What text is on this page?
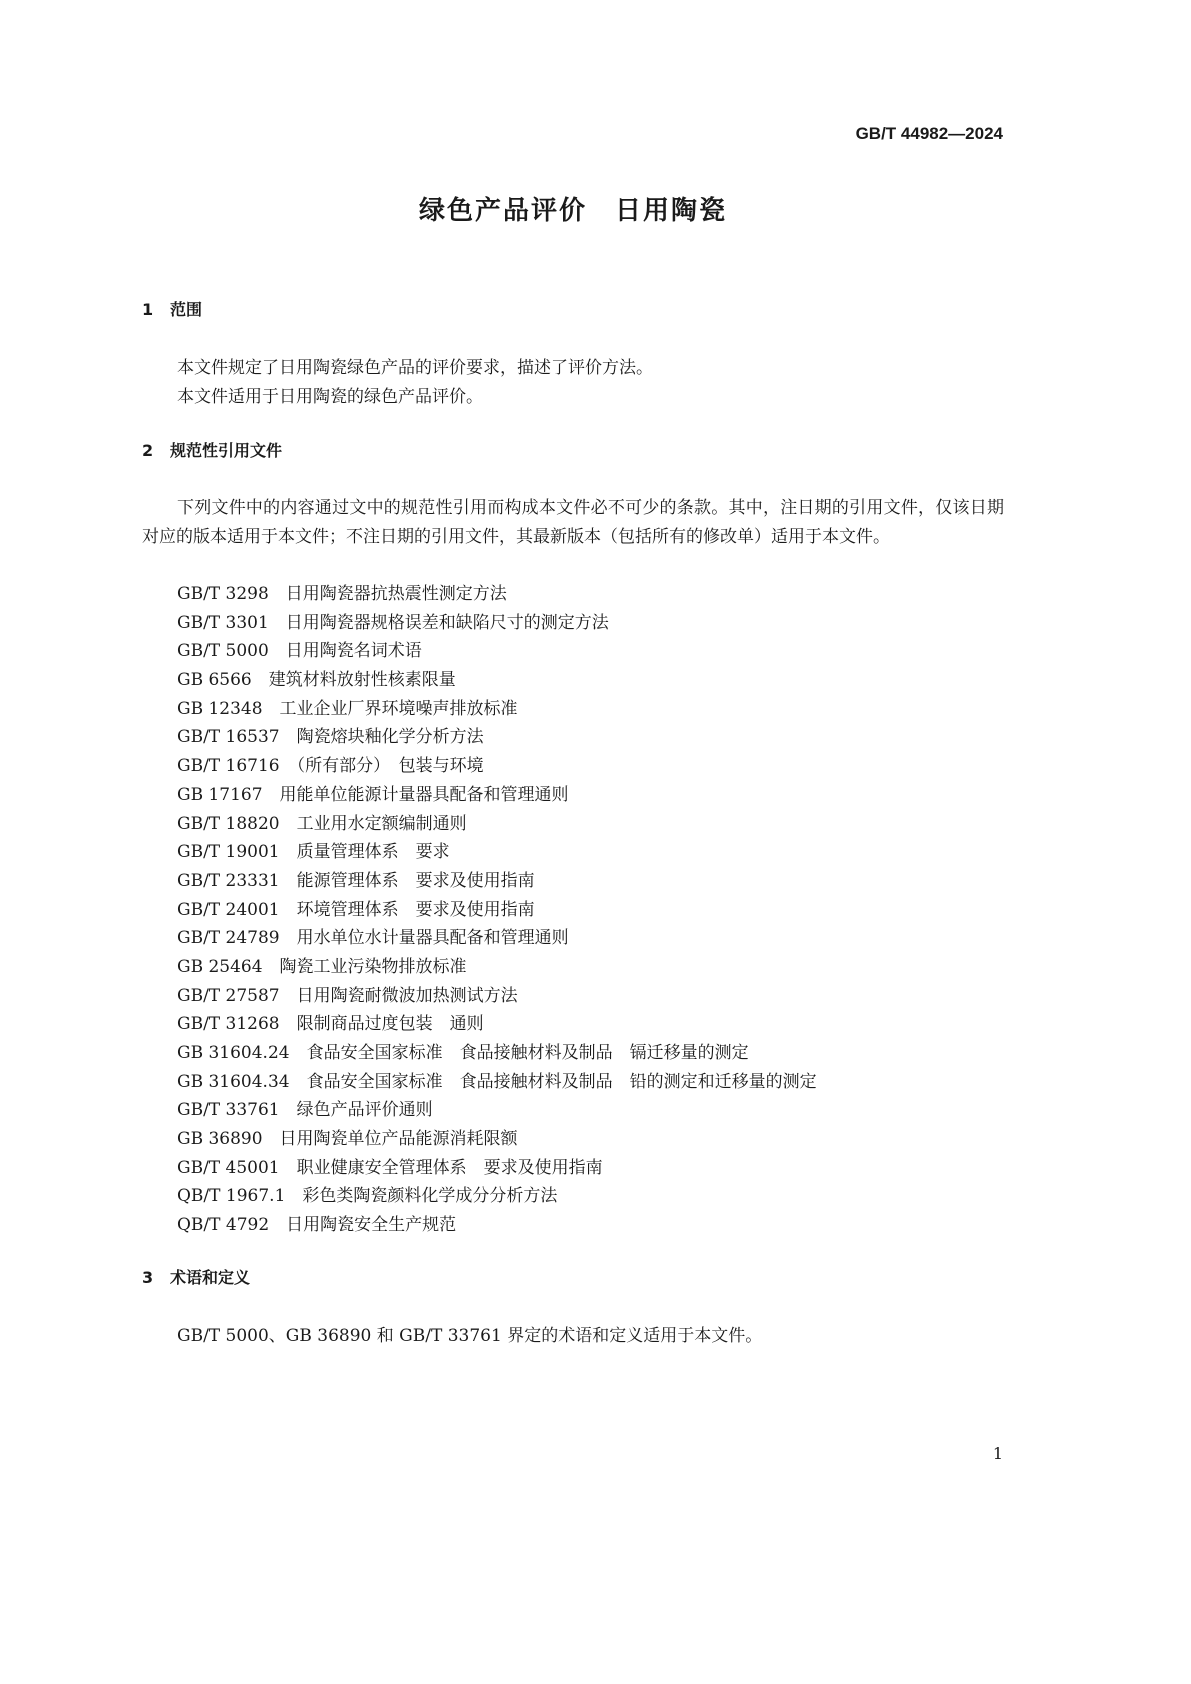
GB/T 44982—2024
绿色产品评价　日用陶瓷
1 范围
本文件规定了日用陶瓷绿色产品的评价要求，描述了评价方法。
本文件适用于日用陶瓷的绿色产品评价。
2 规范性引用文件

下列文件中的内容通过文中的规范性引用而构成本文件必不可少的条款。其中，注日期的引用文件，仅该日期对应的版本适用于本文件；不注日期的引用文件，其最新版本（包括所有的修改单）适用于本文件。

GB/T 3298　日用陶瓷器抗热震性测定方法
GB/T 3301　日用陶瓷器规格误差和缺陷尺寸的测定方法
GB/T 5000　日用陶瓷名词术语
GB 6566　建筑材料放射性核素限量
GB 12348　工业企业厂界环境噪声排放标准
GB/T 16537　陶瓷熔块釉化学分析方法
GB/T 16716　（所有部分）　包装与环境
GB 17167　用能单位能源计量器具配备和管理通则
GB/T 18820　工业用水定额编制通则
GB/T 19001　质量管理体系　要求
GB/T 23331　能源管理体系　要求及使用指南
GB/T 24001　环境管理体系　要求及使用指南
GB/T 24789　用水单位水计量器具配备和管理通则
GB 25464　陶瓷工业污染物排放标准
GB/T 27587　日用陶瓷耐微波加热测试方法
GB/T 31268　限制商品过度包装　通则
GB 31604.24　食品安全国家标准　食品接触材料及制品　镉迁移量的测定
GB 31604.34　食品安全国家标准　食品接触材料及制品　铅的测定和迁移量的测定
GB/T 33761　绿色产品评价通则
GB 36890　日用陶瓷单位产品能源消耗限额
GB/T 45001　职业健康安全管理体系　要求及使用指南
QB/T 1967.1　彩色类陶瓷颜料化学成分分析方法
QB/T 4792　日用陶瓷安全生产规范
3 术语和定义
GB/T 5000、GB 36890 和 GB/T 33761 界定的术语和定义适用于本文件。
1
